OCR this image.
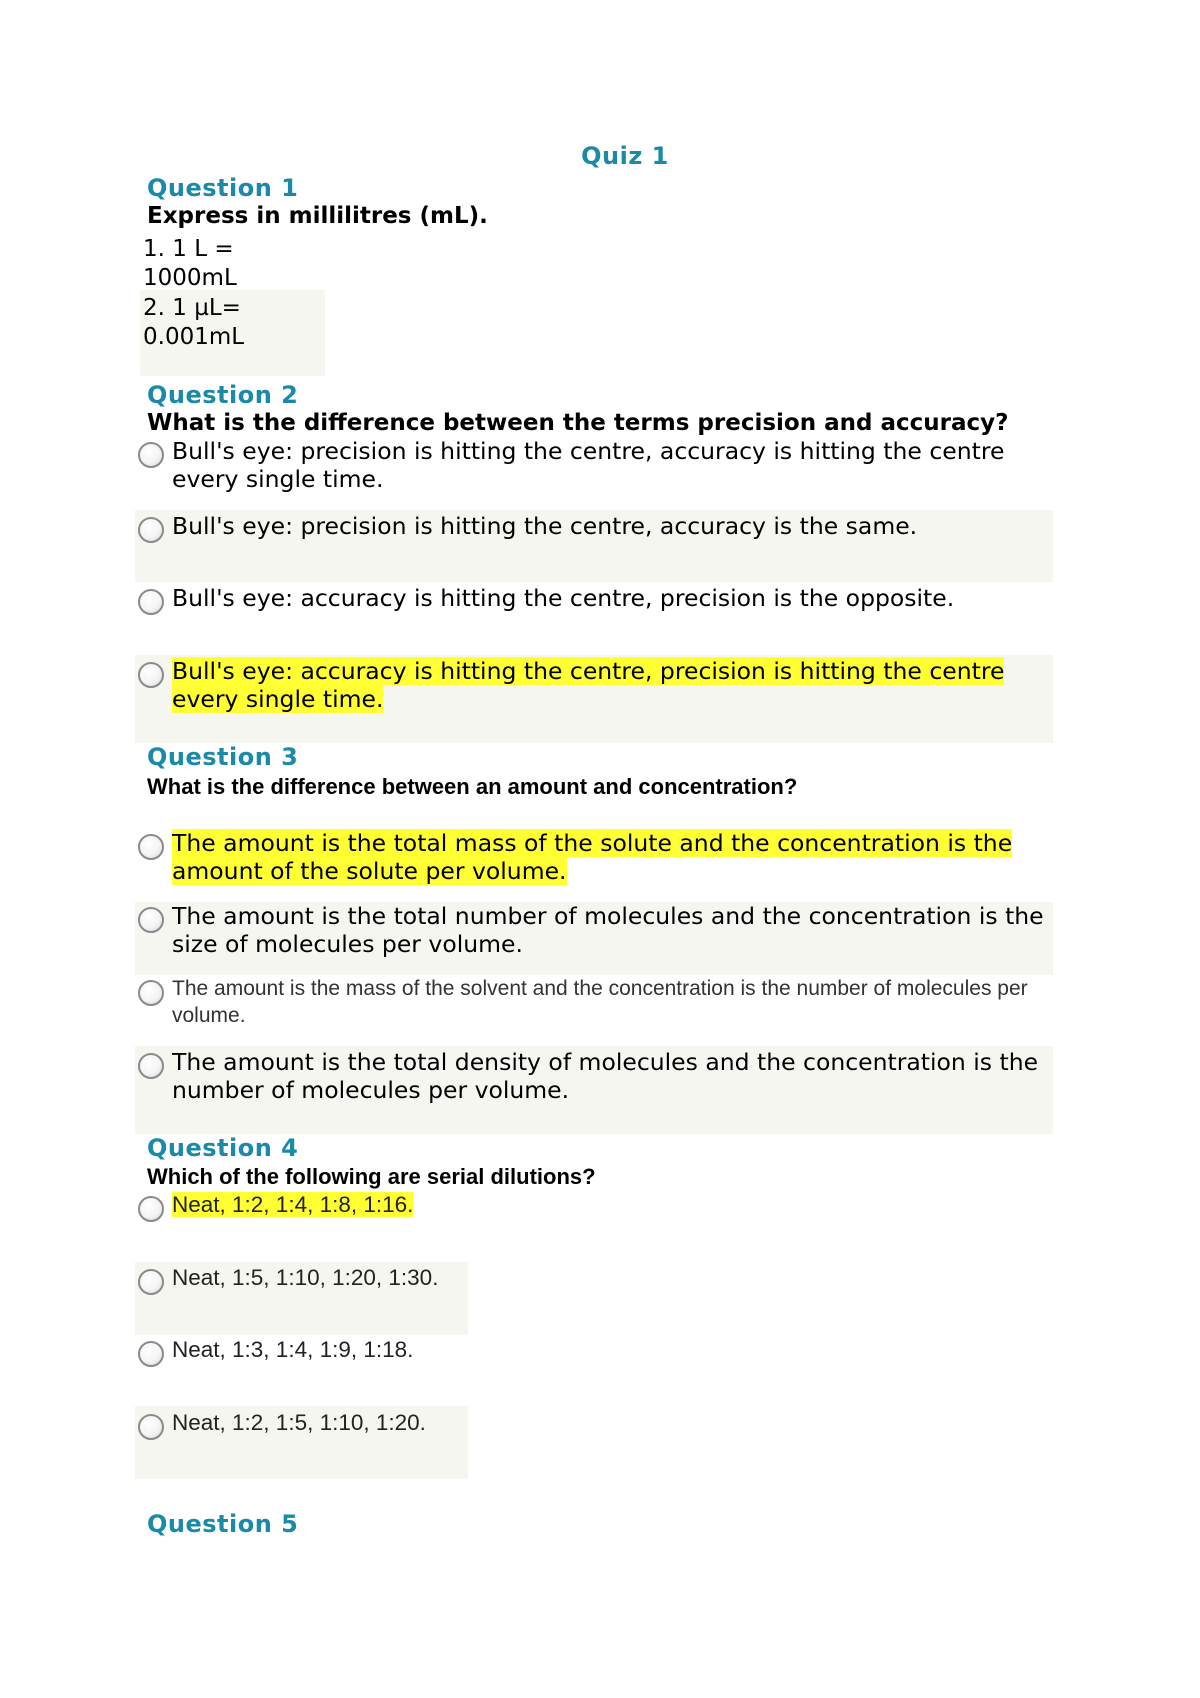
Quiz 1
Question 1
Express in millilitres (mL).
1. 1 L =
1000mL
2. 1 µL=
0.001mL
Question 2
What is the difference between the terms precision and accuracy?
Bull's eye: precision is hitting the centre, accuracy is hitting the centre every single time.
Bull's eye: precision is hitting the centre, accuracy is the same.
Bull's eye: accuracy is hitting the centre, precision is the opposite.
Bull's eye: accuracy is hitting the centre, precision is hitting the centre every single time.
Question 3
What is the difference between an amount and concentration?
The amount is the total mass of the solute and the concentration is the amount of the solute per volume.
The amount is the total number of molecules and the concentration is the size of molecules per volume.
The amount is the mass of the solvent and the concentration is the number of molecules per volume.
The amount is the total density of molecules and the concentration is the number of molecules per volume.
Question 4
Which of the following are serial dilutions?
Neat, 1:2, 1:4, 1:8, 1:16.
Neat, 1:5, 1:10, 1:20, 1:30.
Neat, 1:3, 1:4, 1:9, 1:18.
Neat, 1:2, 1:5, 1:10, 1:20.
Question 5
